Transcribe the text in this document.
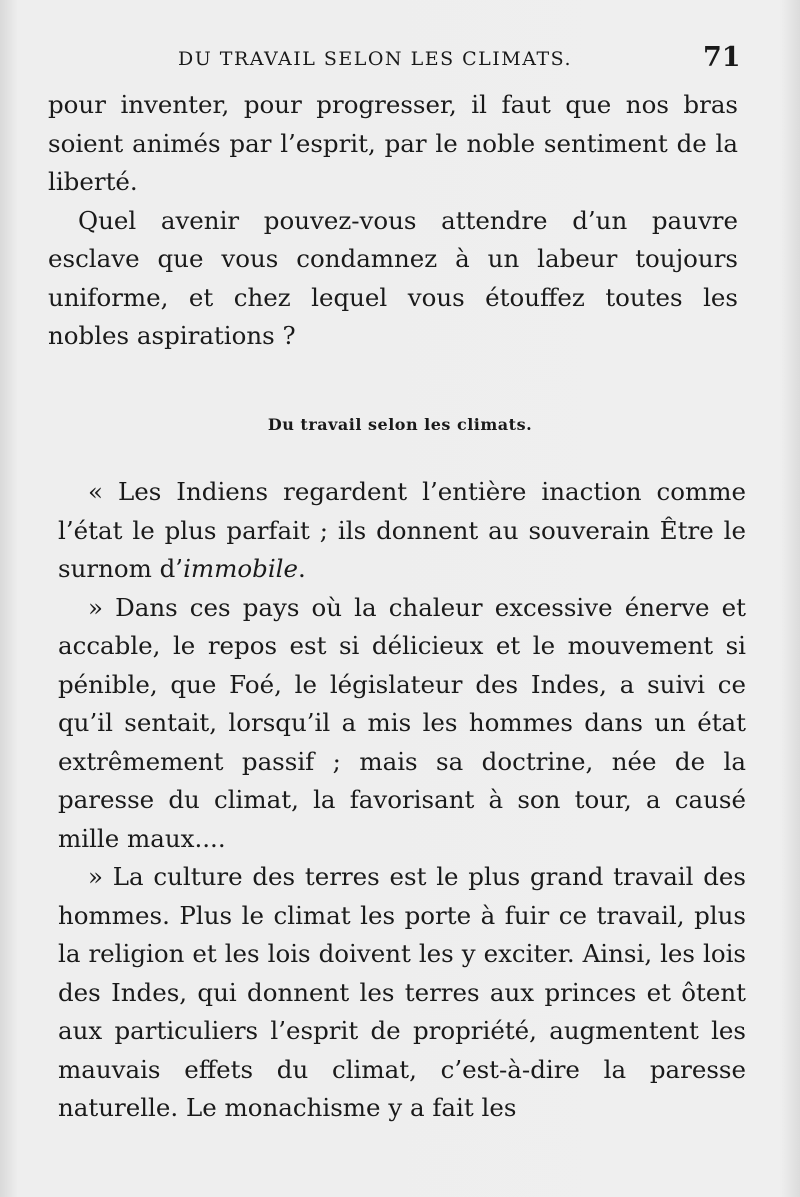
DU TRAVAIL SELON LES CLIMATS.	71

pour inventer, pour progresser, il faut que nos bras soient animés par l’esprit, par le noble sentiment de la liberté.

Quel avenir pouvez-vous attendre d’un pauvre esclave que vous condamnez à un labeur toujours uniforme, et chez lequel vous étouffez toutes les nobles aspirations ?

Du travail selon les climats.

« Les Indiens regardent l’entière inaction comme l’état le plus parfait ; ils donnent au souverain Être le surnom d’immobile.

» Dans ces pays où la chaleur excessive énerve et accable, le repos est si délicieux et le mouvement si pénible, que Foé, le législateur des Indes, a suivi ce qu’il sentait, lorsqu’il a mis les hommes dans un état extrêmement passif ; mais sa doctrine, née de la paresse du climat, la favorisant à son tour, a causé mille maux....

» La culture des terres est le plus grand travail des hommes. Plus le climat les porte à fuir ce travail, plus la religion et les lois doivent les y exciter. Ainsi, les lois des Indes, qui donnent les terres aux princes et ôtent aux particuliers l’esprit de propriété, augmentent les mauvais effets du climat, c’est-à-dire la paresse naturelle. Le monachisme y a fait les
